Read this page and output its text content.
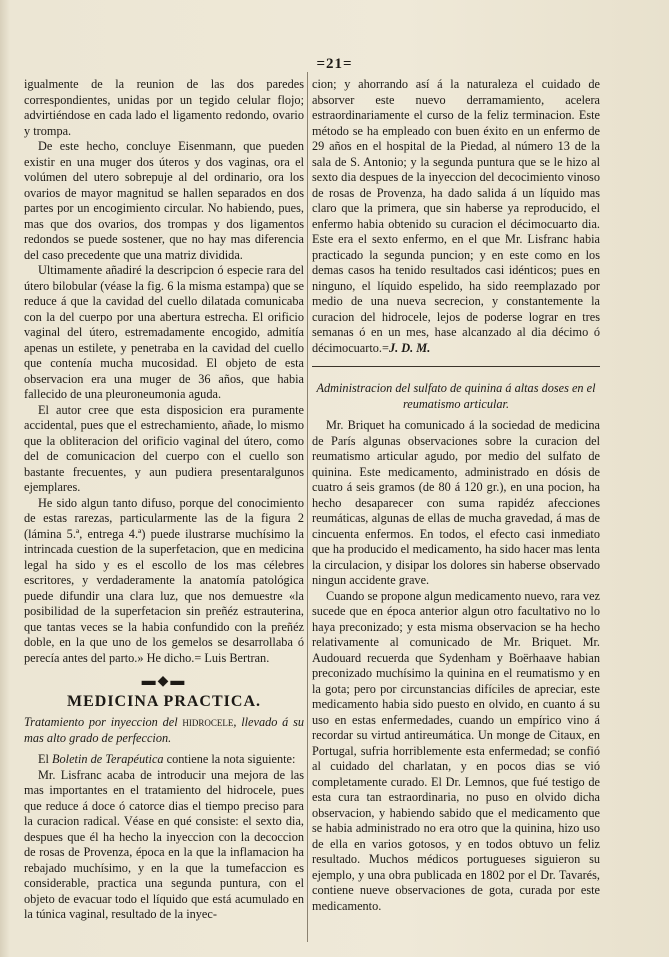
=21=

igualmente de la reunion de las dos paredes correspondientes, unidas por un tegido celular flojo; advirtiéndose en cada lado el ligamento redondo, ovario y trompa.

De este hecho, concluye Eisenmann, que pueden existir en una muger dos úteros y dos vaginas, ora el volúmen del utero sobrepuje al del ordinario, ora los ovarios de mayor magnitud se hallen separados en dos partes por un encogimiento circular. No habiendo, pues, mas que dos ovarios, dos trompas y dos ligamentos redondos se puede sostener, que no hay mas diferencia del caso precedente que una matriz dividida.

Ultimamente añadiré la descripcion ó especie rara del útero bilobular (véase la fig. 6 la misma estampa) que se reduce á que la cavidad del cuello dilatada comunicaba con la del cuerpo por una abertura estrecha. El orificio vaginal del útero, estremadamente encogido, admitía apenas un estilete, y penetraba en la cavidad del cuello que contenía mucha mucosidad. El objeto de esta observacion era una muger de 36 años, que habia fallecido de una pleuroneumonia aguda.

El autor cree que esta disposicion era puramente accidental, pues que el estrechamiento, añade, lo mismo que la obliteracion del orificio vaginal del útero, como del de comunicacion del cuerpo con el cuello son bastante frecuentes, y aun pudiera presentaralgunos ejemplares.

He sido algun tanto difuso, porque del conocimiento de estas rarezas, particularmente las de la figura 2 (lámina 5.ª, entrega 4.ª) puede ilustrarse muchísimo la intrincada cuestion de la superfetacion, que en medicina legal ha sido y es el escollo de los mas célebres escritores, y verdaderamente la anatomía patológica puede difundir una clara luz, que nos demuestre «la posibilidad de la superfetacion sin preñéz estrauterina, que tantas veces se la habia confundido con la preñéz doble, en la que uno de los gemelos se desarrollaba ó perecía antes del parto.» He dicho.= Luis Bertran.

▬◆▬
MEDICINA PRACTICA.

Tratamiento por inyeccion del hidrocele, llevado á su mas alto grado de perfeccion.

El Boletin de Terapéutica contiene la nota siguiente:

Mr. Lisfranc acaba de introducir una mejora de las mas importantes en el tratamiento del hidrocele, pues que reduce á doce ó catorce dias el tiempo preciso para la curacion radical. Véase en qué consiste: el sexto dia, despues que él ha hecho la inyeccion con la decoccion de rosas de Provenza, época en la que la inflamacion ha rebajado muchísimo, y en la que la tumefaccion es considerable, practica una segunda puntura, con el objeto de evacuar todo el líquido que está acumulado en la túnica vaginal, resultado de la inyec-

cion; y ahorrando así á la naturaleza el cuidado de absorver este nuevo derramamiento, acelera estraordinariamente el curso de la feliz terminacion. Este método se ha empleado con buen éxito en un enfermo de 29 años en el hospital de la Piedad, al número 13 de la sala de S. Antonio; y la segunda puntura que se le hizo al sexto dia despues de la inyeccion del decocimiento vinoso de rosas de Provenza, ha dado salida á un líquido mas claro que la primera, que sin haberse ya reproducido, el enfermo habia obtenido su curacion el décimocuarto dia. Este era el sexto enfermo, en el que Mr. Lisfranc habia practicado la segunda puncion; y en este como en los demas casos ha tenido resultados casi idénticos; pues en ninguno, el líquido espelido, ha sido reemplazado por medio de una nueva secrecion, y constantemente la curacion del hidrocele, lejos de poderse lograr en tres semanas ó en un mes, hase alcanzado al dia décimo ó décimocuarto.=J. D. M.

Administracion del sulfato de quinina á altas doses en el reumatismo articular.

Mr. Briquet ha comunicado á la sociedad de medicina de París algunas observaciones sobre la curacion del reumatismo articular agudo, por medio del sulfato de quinina. Este medicamento, administrado en dósis de cuatro á seis gramos (de 80 á 120 gr.), en una pocion, ha hecho desaparecer con suma rapidéz afecciones reumáticas, algunas de ellas de mucha gravedad, á mas de cincuenta enfermos. En todos, el efecto casi inmediato que ha producido el medicamento, ha sido hacer mas lenta la circulacion, y disipar los dolores sin haberse observado ningun accidente grave.

Cuando se propone algun medicamento nuevo, rara vez sucede que en época anterior algun otro facultativo no lo haya preconizado; y esta misma observacion se ha hecho relativamente al comunicado de Mr. Briquet. Mr. Audouard recuerda que Sydenham y Boërhaave habian preconizado muchísimo la quinina en el reumatismo y en la gota; pero por circunstancias difíciles de apreciar, este medicamento habia sido puesto en olvido, en cuanto á su uso en estas enfermedades, cuando un empírico vino á recordar su virtud antireumática. Un monge de Citaux, en Portugal, sufria horriblemente esta enfermedad; se confió al cuidado del charlatan, y en pocos dias se vió completamente curado. El Dr. Lemnos, que fué testigo de esta cura tan estraordinaria, no puso en olvido dicha observacion, y habiendo sabido que el medicamento que se habia administrado no era otro que la quinina, hizo uso de ella en varios gotosos, y en todos obtuvo un feliz resultado. Muchos médicos portugueses siguieron su ejemplo, y una obra publicada en 1802 por el Dr. Tavarés, contiene nueve observaciones de gota, curada por este medicamento.
